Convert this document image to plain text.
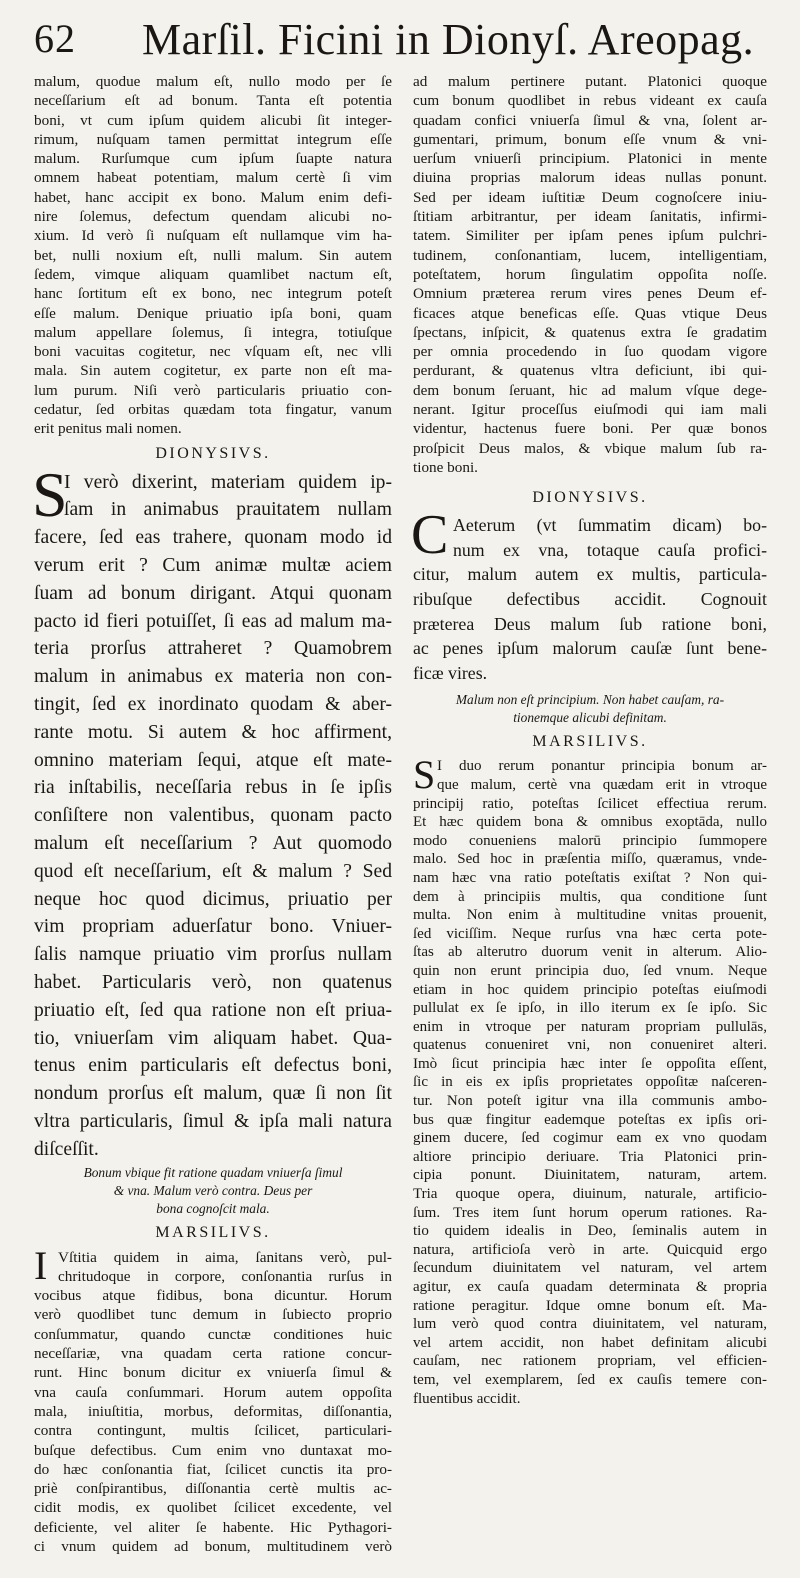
62 Marſil. Ficini in Dionyſ. Areopag.
malum, quodue malum eſt, nullo modo per ſe
neceſſarium eſt ad bonum. Tanta eſt potentia
boni, vt cum ipſum quidem alicubi ſit integer-
rimum, nuſquam tamen permittat integrum eſſe
malum. Rurſumque cum ipſum ſuapte natura
omnem habeat potentiam, malum certè ſi vim
habet, hanc accipit ex bono. Malum enim defi-
nire ſolemus, defectum quendam alicubi no-
xium. Id verò ſi nuſquam eſt nullamque vim ha-
bet, nulli noxium eſt, nulli malum. Sin autem
ſedem, vimque aliquam quamlibet nactum eſt,
hanc ſortitum eſt ex bono, nec integrum poteſt
eſſe malum. Denique priuatio ipſa boni, quam
malum appellare ſolemus, ſi integra, totiuſque
boni vacuitas cogitetur, nec vſquam eſt, nec vlli
mala. Sin autem cogitetur, ex parte non eſt ma-
lum purum. Niſi verò particularis priuatio con-
cedatur, ſed orbitas quædam tota fingatur, vanum
erit penitus mali nomen.
DIONYSIVS.
S
I verò dixerint, materiam quidem ip-
ſam in animabus prauitatem nullam
facere, ſed eas trahere, quonam modo id
verum erit ? Cum animæ multæ aciem
ſuam ad bonum dirigant. Atqui quonam
pacto id fieri potuiſſet, ſi eas ad malum ma-
teria prorſus attraheret ? Quamobrem
malum in animabus ex materia non con-
tingit, ſed ex inordinato quodam & aber-
rante motu. Si autem & hoc affirment,
omnino materiam ſequi, atque eſt mate-
ria inſtabilis, neceſſaria rebus in ſe ipſis
conſiſtere non valentibus, quonam pacto
malum eſt neceſſarium ? Aut quomodo
quod eſt neceſſarium, eſt & malum ? Sed
neque hoc quod dicimus, priuatio per
vim propriam aduerſatur bono. Vniuer-
ſalis namque priuatio vim prorſus nullam
habet. Particularis verò, non quatenus
priuatio eſt, ſed qua ratione non eſt priua-
tio, vniuerſam vim aliquam habet. Qua-
tenus enim particularis eſt defectus boni,
nondum prorſus eſt malum, quæ ſi non ſit
vltra particularis, ſimul & ipſa mali natura
diſceſſit.
Bonum vbique fit ratione quadam vniuerſa ſimul
& vna. Malum verò contra. Deus per
bona cognoſcit mala.
MARSILIVS.
I Vſtitia quidem in aima, ſanitans verò, pul-
chritudoque in corpore, conſonantia rurſus in
vocibus atque fidibus, bona dicuntur. Horum
verò quodlibet tunc demum in ſubiecto proprio
conſummatur, quando cunctæ conditiones huic
neceſſariæ, vna quadam certa ratione concur-
runt. Hinc bonum dicitur ex vniuerſa ſimul &
vna cauſa conſummari. Horum autem oppoſita
mala, iniuſtitia, morbus, deformitas, diſſonantia,
contra contingunt, multis ſcilicet, particulari-
buſque defectibus. Cum enim vno duntaxat mo-
do hæc conſonantia fiat, ſcilicet cunctis ita pro-
priè conſpirantibus, diſſonantia certè multis ac-
cidit modis, ex quolibet ſcilicet excedente, vel
deficiente, vel aliter ſe habente. Hic Pythagori-
ci vnum quidem ad bonum, multitudinem verò
ad malum pertinere putant. Platonici quoque
cum bonum quodlibet in rebus videant ex cauſa
quadam confici vniuerſa ſimul & vna, ſolent ar-
gumentari, primum, bonum eſſe vnum & vni-
uerſum vniuerſi principium. Platonici in mente
diuina proprias malorum ideas nullas ponunt.
Sed per ideam iuſtitiæ Deum cognoſcere iniu-
ſtitiam arbitrantur, per ideam ſanitatis, infirmi-
tatem. Similiter per ipſam penes ipſum pulchri-
tudinem, conſonantiam, lucem, intelligentiam,
poteſtatem, horum ſingulatim oppoſita noſſe.
Omnium præterea rerum vires penes Deum ef-
ficaces atque beneficas eſſe. Quas vtique Deus
ſpectans, inſpicit, & quatenus extra ſe gradatim
per omnia procedendo in ſuo quodam vigore
perdurant, & quatenus vltra deficiunt, ibi qui-
dem bonum ſeruant, hic ad malum vſque dege-
nerant. Igitur proceſſus eiuſmodi qui iam mali
videntur, hactenus fuere boni. Per quæ bonos
proſpicit Deus malos, & vbique malum ſub ra-
tione boni.
DIONYSIVS.
C Aeterum (vt ſummatim dicam) bo-
num ex vna, totaque cauſa profici-
citur, malum autem ex multis, particula-
ribuſque defectibus accidit. Cognouit
præterea Deus malum ſub ratione boni,
ac penes ipſum malorum cauſæ ſunt bene-
ficæ vires.
Malum non eſt principium. Non habet cauſam, ra-
tionemque alicubi definitam.
MARSILIVS.
S I duo rerum ponantur principia bonum ar-
que malum, certè vna quædam erit in vtroque
principij ratio, poteſtas ſcilicet effectiua rerum.
Et hæc quidem bona & omnibus exoptāda, nullo
modo conueniens malorū principio ſummopere
malo. Sed hoc in præſentia miſſo, quæramus, vnde-
nam hæc vna ratio poteſtatis exiſtat ? Non qui-
dem à principiis multis, qua conditione ſunt
multa. Non enim à multitudine vnitas prouenit,
ſed viciſſim. Neque rurſus vna hæc certa pote-
ſtas ab alterutro duorum venit in alterum. Alio-
quin non erunt principia duo, ſed vnum. Neque
etiam in hoc quidem principio poteſtas eiuſmodi
pullulat ex ſe ipſo, in illo iterum ex ſe ipſo. Sic
enim in vtroque per naturam propriam pullulās,
quatenus conueniret vni, non conueniret alteri.
Imò ſicut principia hæc inter ſe oppoſita eſſent,
ſic in eis ex ipſis proprietates oppoſitæ naſceren-
tur. Non poteſt igitur vna illa communis ambo-
bus quæ fingitur eademque poteſtas ex ipſis ori-
ginem ducere, ſed cogimur eam ex vno quodam
altiore principio deriuare. Tria Platonici prin-
cipia ponunt. Diuinitatem, naturam, artem.
Tria quoque opera, diuinum, naturale, artificio-
ſum. Tres item ſunt horum operum rationes. Ra-
tio quidem idealis in Deo, ſeminalis autem in
natura, artificioſa verò in arte. Quicquid ergo
ſecundum diuinitatem vel naturam, vel artem
agitur, ex cauſa quadam determinata & propria
ratione peragitur. Idque omne bonum eſt. Ma-
lum verò quod contra diuinitatem, vel naturam,
vel artem accidit, non habet definitam alicubi
cauſam, nec rationem propriam, vel efficien-
tem, vel exemplarem, ſed ex cauſis temere con-
fluentibus accidit.
